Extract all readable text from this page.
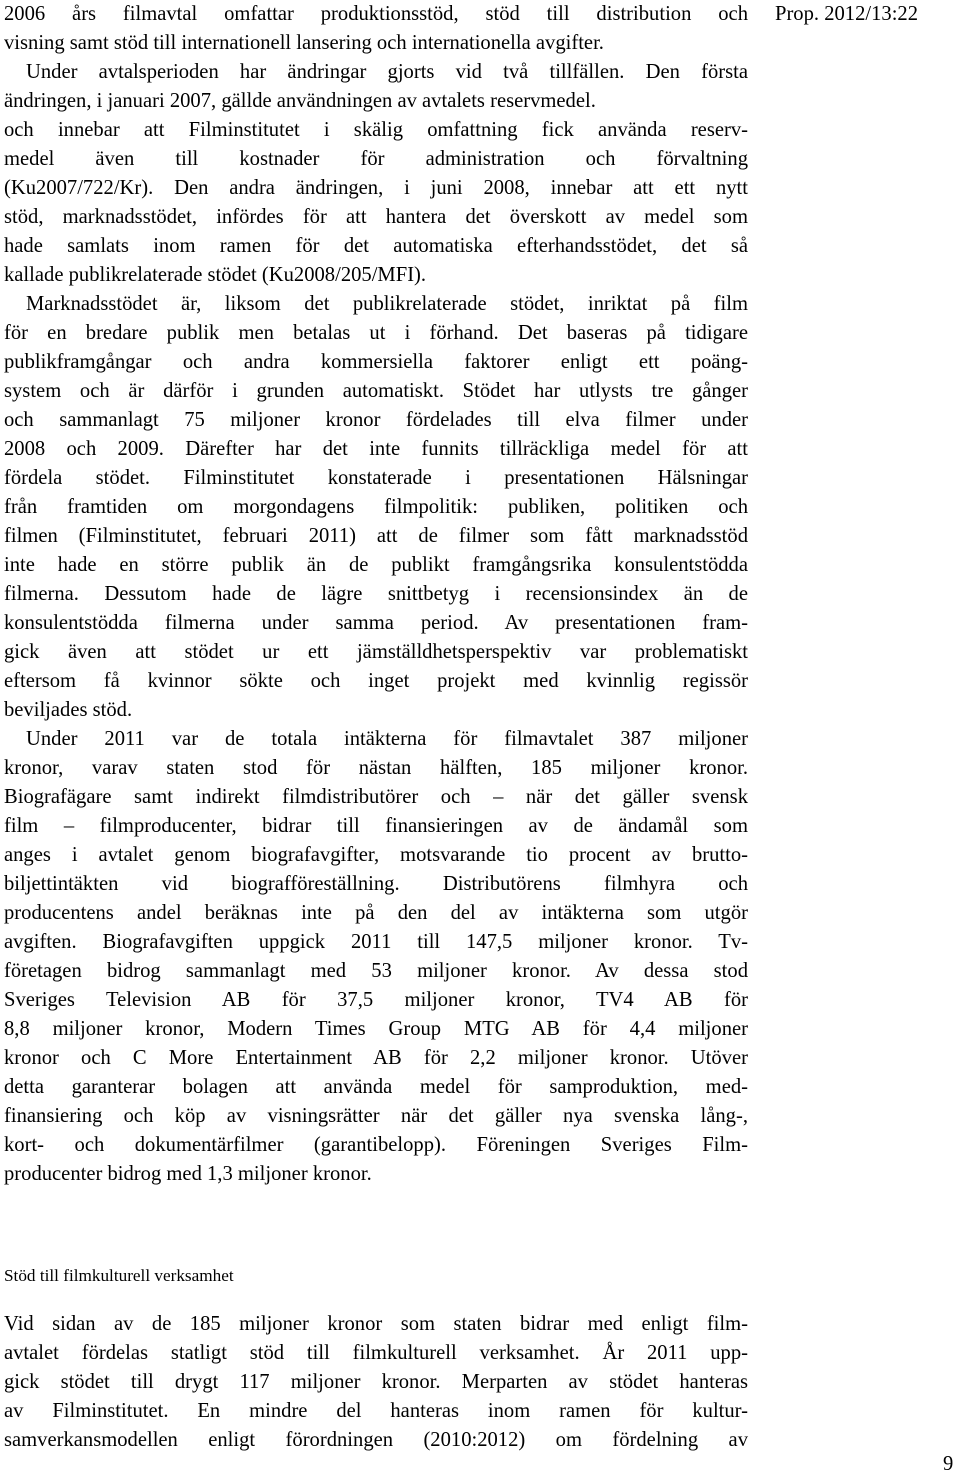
Prop. 2012/13:22
2006 års filmavtal omfattar produktionsstöd, stöd till distribution och
visning samt stöd till internationell lansering och internationella avgifter.
Under avtalsperioden har ändringar gjorts vid två tillfällen. Den första
ändringen, i januari 2007, gällde användningen av avtalets reservmedel.
och innebar att Filminstitutet i skälig omfattning fick använda reserv-
medel även till kostnader för administration och förvaltning
(Ku2007/722/Kr). Den andra ändringen, i juni 2008, innebar att ett nytt
stöd, marknadsstödet, infördes för att hantera det överskott av medel som
hade samlats inom ramen för det automatiska efterhandsstödet, det så
kallade publikrelaterade stödet (Ku2008/205/MFI).
Marknadsstödet är, liksom det publikrelaterade stödet, inriktat på film
för en bredare publik men betalas ut i förhand. Det baseras på tidigare
publikframgångar och andra kommersiella faktorer enligt ett poäng-
system och är därför i grunden automatiskt. Stödet har utlysts tre gånger
och sammanlagt 75 miljoner kronor fördelades till elva filmer under
2008 och 2009. Därefter har det inte funnits tillräckliga medel för att
fördela stödet. Filminstitutet konstaterade i presentationen Hälsningar
från framtiden om morgondagens filmpolitik: publiken, politiken och
filmen (Filminstitutet, februari 2011) att de filmer som fått marknadsstöd
inte hade en större publik än de publikt framgångsrika konsulentstödda
filmerna. Dessutom hade de lägre snittbetyg i recensionsindex än de
konsulentstödda filmerna under samma period. Av presentationen fram-
gick även att stödet ur ett jämställdhetsperspektiv var problematiskt
eftersom få kvinnor sökte och inget projekt med kvinnlig regissör
beviljades stöd.
Under 2011 var de totala intäkterna för filmavtalet 387 miljoner
kronor, varav staten stod för nästan hälften, 185 miljoner kronor.
Biografägare samt indirekt filmdistributörer och – när det gäller svensk
film – filmproducenter, bidrar till finansieringen av de ändamål som
anges i avtalet genom biografavgifter, motsvarande tio procent av brutto-
biljettintäkten vid biografföreställning. Distributörens filmhyra och
producentens andel beräknas inte på den del av intäkterna som utgör
avgiften. Biografavgiften uppgick 2011 till 147,5 miljoner kronor. Tv-
företagen bidrog sammanlagt med 53 miljoner kronor. Av dessa stod
Sveriges Television AB för 37,5 miljoner kronor, TV4 AB för
8,8 miljoner kronor, Modern Times Group MTG AB för 4,4 miljoner
kronor och C More Entertainment AB för 2,2 miljoner kronor. Utöver
detta garanterar bolagen att använda medel för samproduktion, med-
finansiering och köp av visningsrätter när det gäller nya svenska lång-,
kort- och dokumentärfilmer (garantibelopp). Föreningen Sveriges Film-
producenter bidrog med 1,3 miljoner kronor.
Stöd till filmkulturell verksamhet
Vid sidan av de 185 miljoner kronor som staten bidrar med enligt film-
avtalet fördelas statligt stöd till filmkulturell verksamhet. År 2011 upp-
gick stödet till drygt 117 miljoner kronor. Merparten av stödet hanteras
av Filminstitutet. En mindre del hanteras inom ramen för kultur-
samverkansmodellen enligt förordningen (2010:2012) om fördelning av
9
